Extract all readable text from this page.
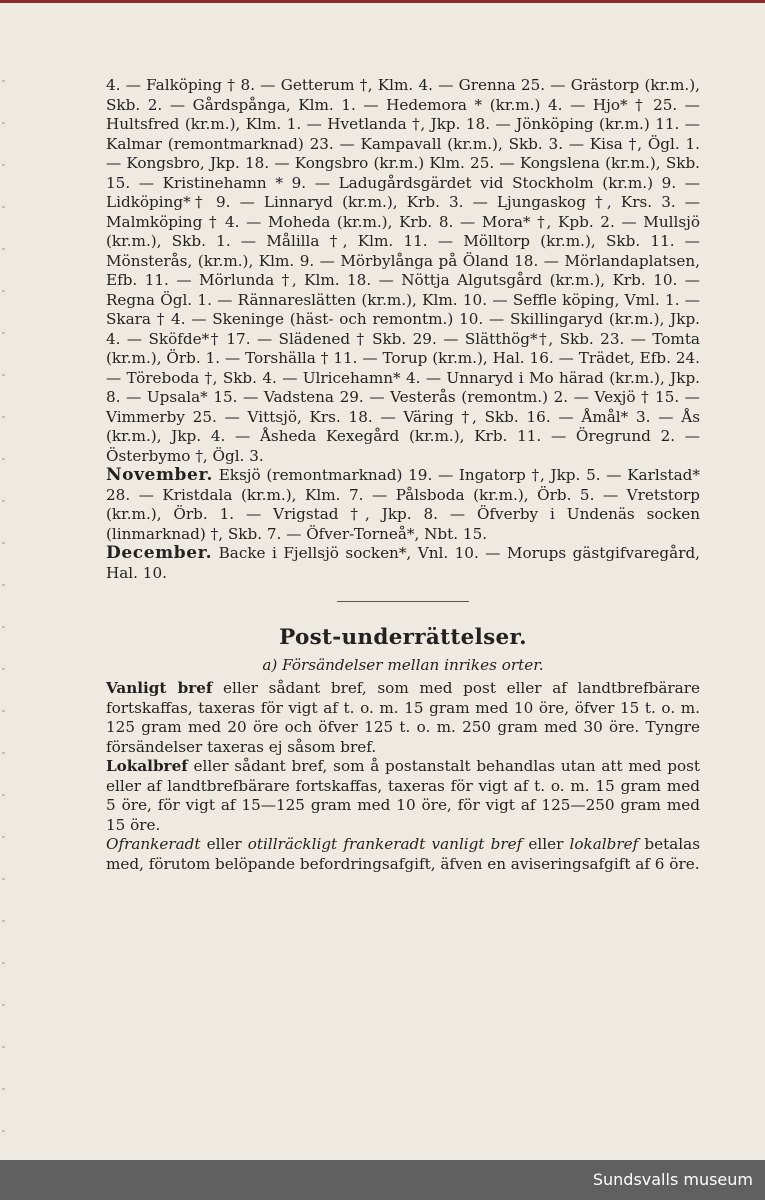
4. — Falköping † 8. — Getterum †, Klm. 4. — Grenna 25. — Grästorp (kr.m.), Skb. 2. — Gårdspånga, Klm. 1. — Hedemora * (kr.m.) 4. — Hjo* † 25. — Hultsfred (kr.m.), Klm. 1. — Hvetlanda †, Jkp. 18. — Jönköping (kr.m.) 11. — Kalmar (remontmarknad) 23. — Kampavall (kr.m.), Skb. 3. — Kisa †, Ögl. 1. — Kongsbro, Jkp. 18. — Kongsbro (kr.m.) Klm. 25. — Kongslena (kr.m.), Skb. 15. — Kristinehamn * 9. — Ladugårdsgärdet vid Stockholm (kr.m.) 9. — Lidköping*† 9. — Linnaryd (kr.m.), Krb. 3. — Ljungaskog †, Krs. 3. — Malmköping † 4. — Moheda (kr.m.), Krb. 8. — Mora* †, Kpb. 2. — Mullsjö (kr.m.), Skb. 1. — Målilla †, Klm. 11. — Mölltorp (kr.m.), Skb. 11. — Mönsterås, (kr.m.), Klm. 9. — Mörbylånga på Öland 18. — Mörlandaplatsen, Efb. 11. — Mörlunda †, Klm. 18. — Nöttja Algutsgård (kr.m.), Krb. 10. — Regna Ögl. 1. — Rännareslätten (kr.m.), Klm. 10. — Seffle köping, Vml. 1. — Skara † 4. — Skeninge (häst- och remontm.) 10. — Skillingaryd (kr.m.), Jkp. 4. — Sköfde*† 17. — Slädened † Skb. 29. — Slätthög*†, Skb. 23. — Tomta (kr.m.), Örb. 1. — Torshälla † 11. — Torup (kr.m.), Hal. 16. — Trädet, Efb. 24. — Töreboda †, Skb. 4. — Ulricehamn* 4. — Unnaryd i Mo härad (kr.m.), Jkp. 8. — Upsala* 15. — Vadstena 29. — Vesterås (remontm.) 2. — Vexjö † 15. — Vimmerby 25. — Vittsjö, Krs. 18. — Väring †, Skb. 16. — Åmål* 3. — Ås (kr.m.), Jkp. 4. — Åsheda Kexegård (kr.m.), Krb. 11. — Öregrund 2. — Österbymo †, Ögl. 3.

November. Eksjö (remontmarknad) 19. — Ingatorp †, Jkp. 5. — Karlstad* 28. — Kristdala (kr.m.), Klm. 7. — Pålsboda (kr.m.), Örb. 5. — Vretstorp (kr.m.), Örb. 1. — Vrigstad †, Jkp. 8. — Öfverby i Undenäs socken (linmarknad) †, Skb. 7. — Öfver-Torneå*, Nbt. 15.

December. Backe i Fjellsjö socken*, Vnl. 10. — Morups gästgifvaregård, Hal. 10.

Post-underrättelser.
a) Försändelser mellan inrikes orter.

Vanligt bref eller sådant bref, som med post eller af landtbrefbärare fortskaffas, taxeras för vigt af t. o. m. 15 gram med 10 öre, öfver 15 t. o. m. 125 gram med 20 öre och öfver 125 t. o. m. 250 gram med 30 öre. Tyngre försändelser taxeras ej såsom bref.

Lokalbref eller sådant bref, som å postanstalt behandlas utan att med post eller af landtbrefbärare fortskaffas, taxeras för vigt af t. o. m. 15 gram med 5 öre, för vigt af 15—125 gram med 10 öre, för vigt af 125—250 gram med 15 öre.

Ofrankeradt eller otillräckligt frankeradt vanligt bref eller lokalbref betalas med, förutom belöpande befordringsafgift, äfven en aviseringsafgift af 6 öre.

Sundsvalls museum
